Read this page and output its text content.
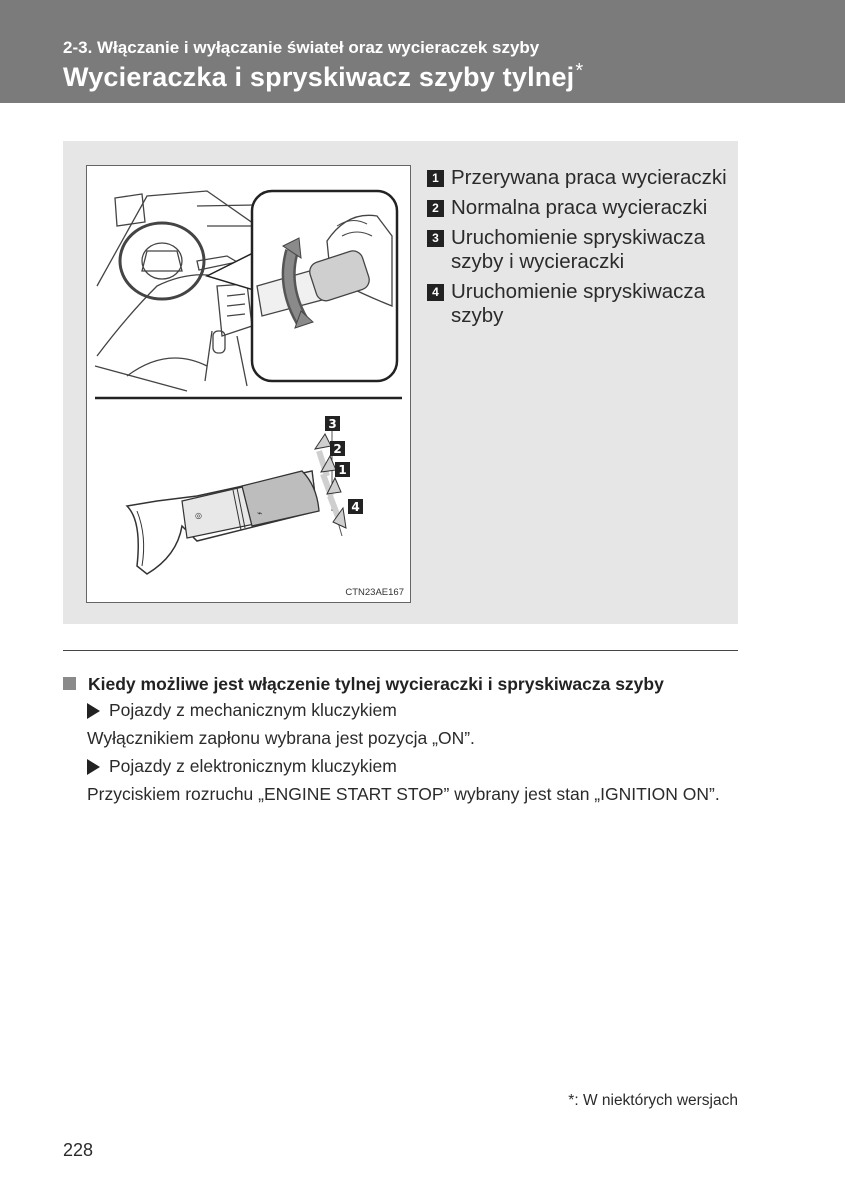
2-3. Włączanie i wyłączanie świateł oraz wycieraczek szyby
Wycieraczka i spryskiwacz szyby tylnej*
⌁
◎
3
2
1
4
CTN23AE167
1 Przerywana praca wycieraczki
2 Normalna praca wycieraczki
3 Uruchomienie spryskiwacza szyby i wycieraczki
4 Uruchomienie spryskiwacza szyby
Kiedy możliwe jest włączenie tylnej wycieraczki i spryskiwacza szyby
Pojazdy z mechanicznym kluczykiem
Wyłącznikiem zapłonu wybrana jest pozycja „ON”.
Pojazdy z elektronicznym kluczykiem
Przyciskiem rozruchu „ENGINE START STOP” wybrany jest stan „IGNITION ON”.
*: W niektórych wersjach
228
